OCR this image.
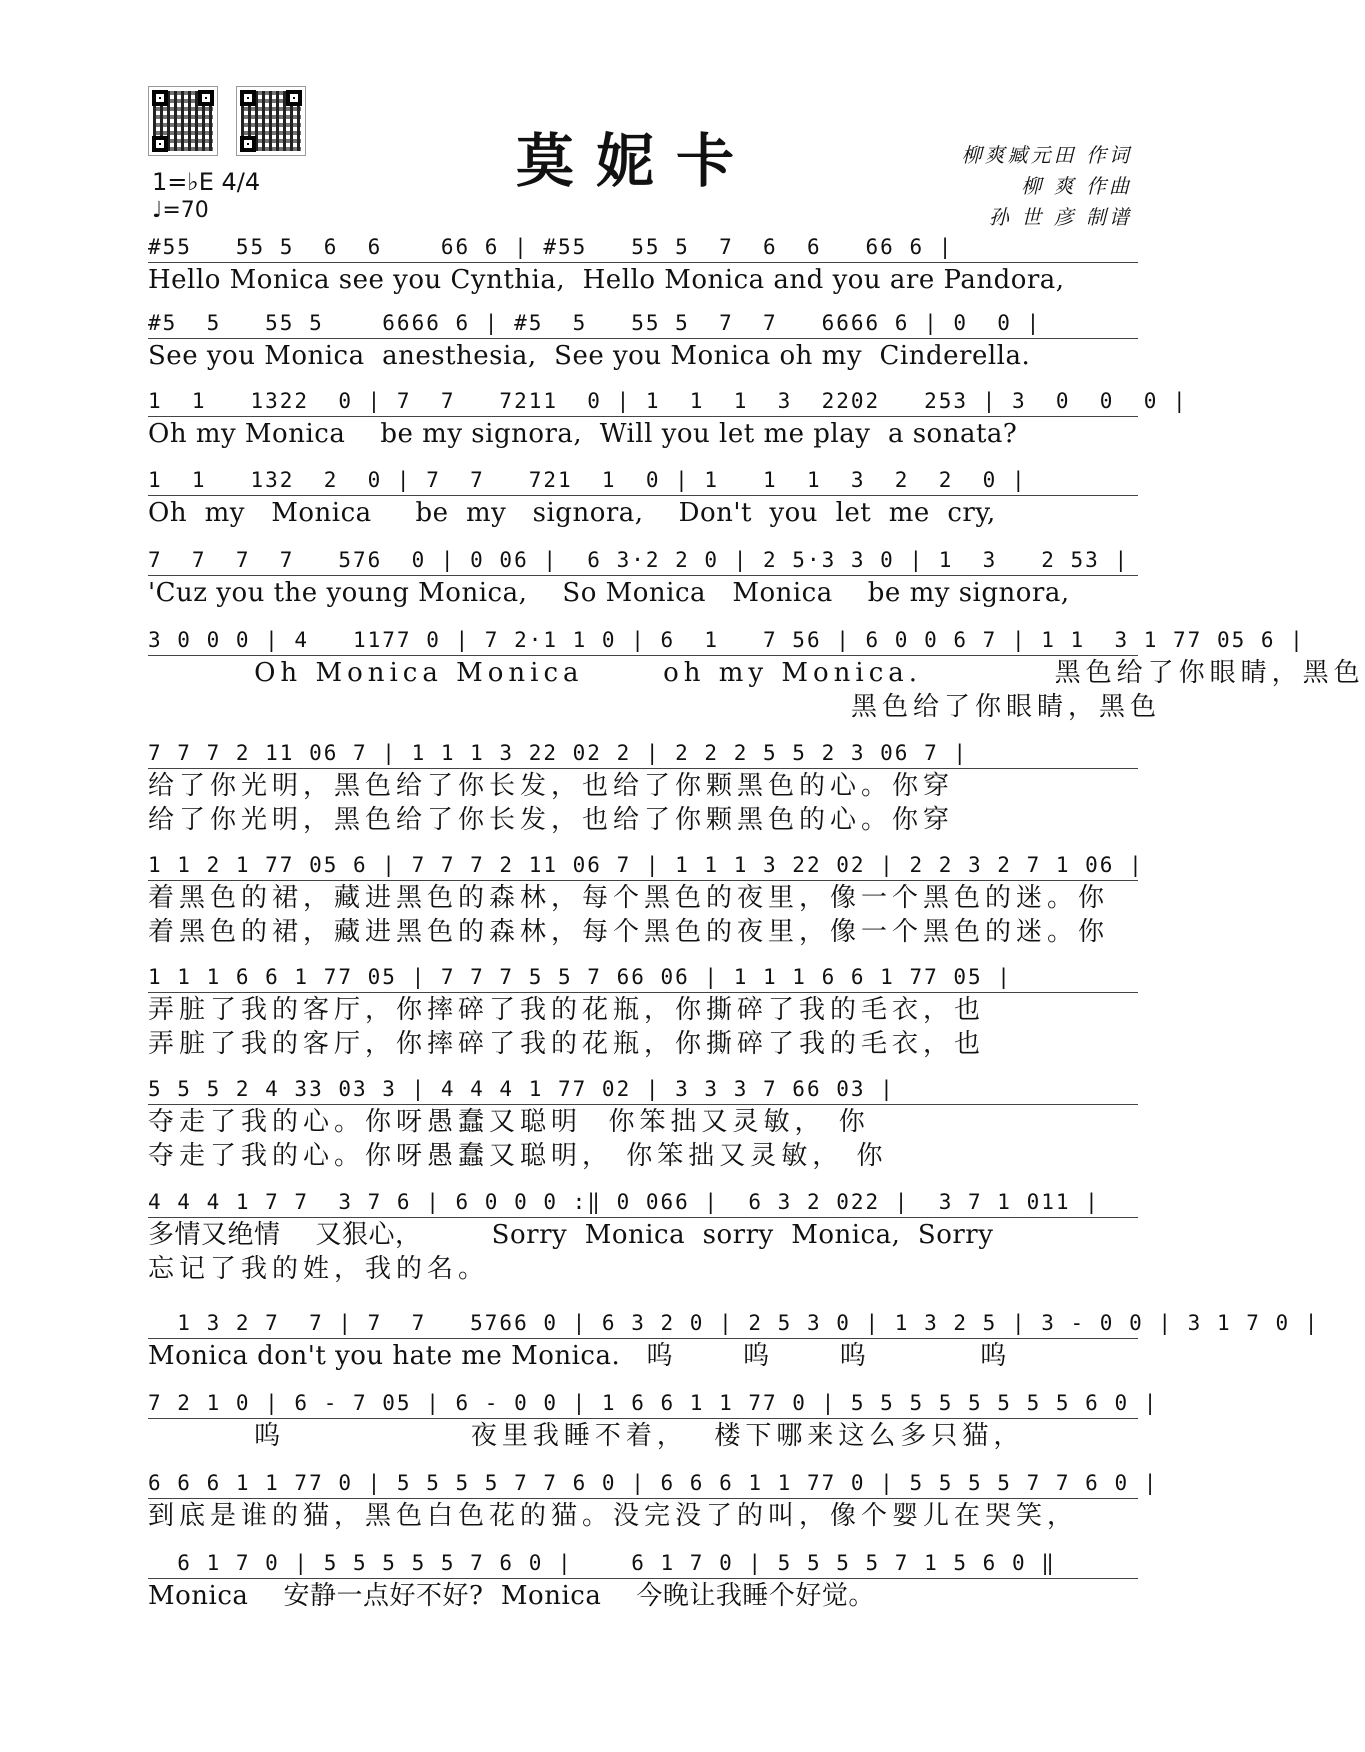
莫妮卡
1=♭E 4/4
♩=70
柳爽臧元田 作词
柳 爽 作曲
孙 世 彦 制谱
#55   55 5  6  6    66 6 | #55   55 5  7  6  6   66 6 |
Hello Monica see you Cynthia,  Hello Monica and you are Pandora,
#5  5   55 5    6666 6 | #5  5   55 5  7  7   6666 6 | 0  0 |
See you Monica  anesthesia,  See you Monica oh my  Cinderella.
1  1   1322  0 | 7  7   7211  0 | 1  1  1  3  2202   253 | 3  0  0  0 |
Oh my Monica    be my signora,  Will you let me play  a sonata?
1  1   132  2  0 | 7  7   721  1  0 | 1   1  1  3  2  2  0 |
Oh  my   Monica     be  my   signora,    Don't  you  let  me  cry,
7  7  7  7   576  0 | 0 06 |  6 3·2 2 0 | 2 5·3 3 0 | 1  3   2 53 |
'Cuz you the young Monica,    So Monica   Monica    be my signora,
3 0 0 0 | 4   1177 0 | 7 2·1 1 0 | 6  1   7 56 | 6 0 0 6 7 | 1 1  3 1 77 05 6 |
Oh Monica Monica      oh my Monica.          黑色给了你眼睛，黑色
黑色给了你眼睛，黑色
7 7 7 2 11 06 7 | 1 1 1 3 22 02 2 | 2 2 2 5 5 2 3 06 7 |
给了你光明，黑色给了你长发，也给了你颗黑色的心。你穿
给了你光明，黑色给了你长发，也给了你颗黑色的心。你穿
1 1 2 1 77 05 6 | 7 7 7 2 11 06 7 | 1 1 1 3 22 02 | 2 2 3 2 7 1 06 |
着黑色的裙，藏进黑色的森林，每个黑色的夜里，像一个黑色的迷。你
着黑色的裙，藏进黑色的森林，每个黑色的夜里，像一个黑色的迷。你
1 1 1 6 6 1 77 05 | 7 7 7 5 5 7 66 06 | 1 1 1 6 6 1 77 05 |
弄脏了我的客厅，你摔碎了我的花瓶，你撕碎了我的毛衣，也
弄脏了我的客厅，你摔碎了我的花瓶，你撕碎了我的毛衣，也
5 5 5 2 4 33 03 3 | 4 4 4 1 77 02 | 3 3 3 7 66 03 |
夺走了我的心。你呀愚蠢又聪明  你笨拙又灵敏， 你
夺走了我的心。你呀愚蠢又聪明， 你笨拙又灵敏， 你
4 4 4 1 7 7  3 7 6 | 6 0 0 0 :‖ 0 066 |  6 3 2 022 |  3 7 1 011 |
多情又绝情    又狠心，        Sorry  Monica  sorry  Monica,  Sorry
忘记了我的姓，我的名。
1 3 2 7  7 | 7  7   5766 0 | 6 3 2 0 | 2 5 3 0 | 1 3 2 5 | 3 - 0 0 | 3 1 7 0 |
Monica don't you hate me Monica.   呜        呜        呜             呜
7 2 1 0 | 6 - 7 05 | 6 - 0 0 | 1 6 6 1 1 77 0 | 5 5 5 5 5 5 5 5 6 0 |
呜              夜里我睡不着，  楼下哪来这么多只猫，
6 6 6 1 1 77 0 | 5 5 5 5 7 7 6 0 | 6 6 6 1 1 77 0 | 5 5 5 5 7 7 6 0 |
到底是谁的猫，黑色白色花的猫。没完没了的叫，像个婴儿在哭笑，
6 1 7 0 | 5 5 5 5 5 7 6 0 |    6 1 7 0 | 5 5 5 5 7 1 5 6 0 ‖
Monica    安静一点好不好?  Monica    今晚让我睡个好觉。
